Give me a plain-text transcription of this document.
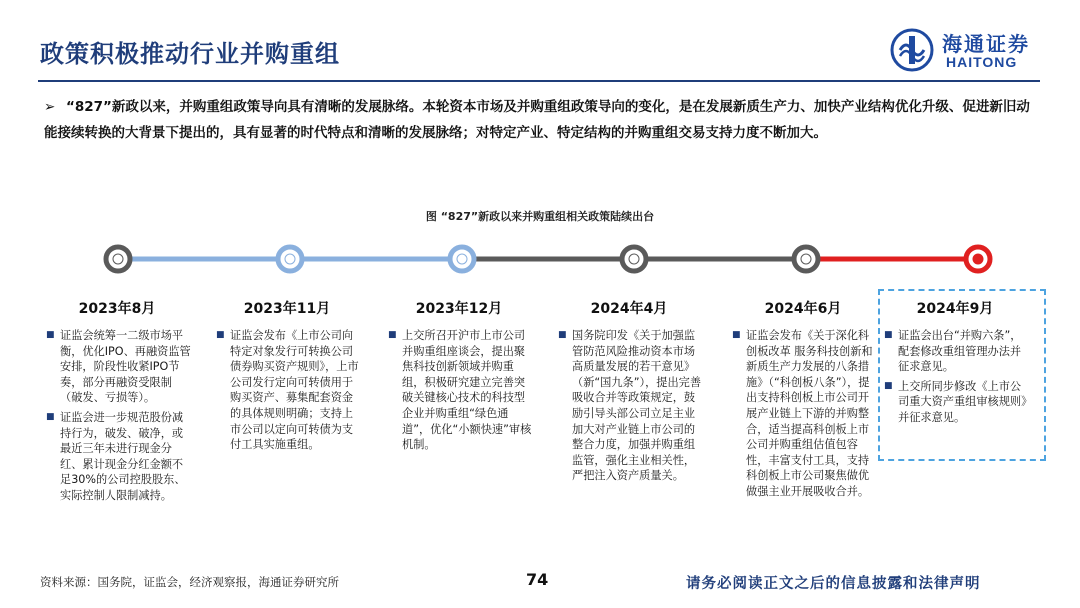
政策积极推动行业并购重组	海通证券
HAITONG
➢ “827”新政以来，并购重组政策导向具有清晰的发展脉络。本轮资本市场及并购重组政策导向的变化，是在发展新质生产力、加快产业结构优化升级、促进新旧动能接续转换的大背景下提出的，具有显著的时代特点和清晰的发展脉络；对特定产业、特定结构的并购重组交易支持力度不断加大。
图 “827”新政以来并购重组相关政策陆续出台
2023年8月
■ 证监会统筹一二级市场平衡，优化IPO、再融资监管安排，阶段性收紧IPO节奏，部分再融资受限制（破发、亏损等）。
■ 证监会进一步规范股份减持行为，破发、破净，或最近三年未进行现金分红、累计现金分红金额不足30%的公司控股股东、实际控制人限制减持。
2023年11月
■ 证监会发布《上市公司向特定对象发行可转换公司债券购买资产规则》，上市公司发行定向可转债用于购买资产、募集配套资金的具体规则明确；支持上市公司以定向可转债为支付工具实施重组。
2023年12月
■ 上交所召开沪市上市公司并购重组座谈会，提出聚焦科技创新领域并购重组，积极研究建立完善突破关键核心技术的科技型企业并购重组“绿色通道”，优化“小额快速”审核机制。
2024年4月
■ 国务院印发《关于加强监管防范风险推动资本市场高质量发展的若干意见》（新“国九条”），提出完善吸收合并等政策规定，鼓励引导头部公司立足主业加大对产业链上市公司的整合力度，加强并购重组监管，强化主业相关性，严把注入资产质量关。
2024年6月
■ 证监会发布《关于深化科创板改革 服务科技创新和新质生产力发展的八条措施》（“科创板八条”），提出支持科创板上市公司开展产业链上下游的并购整合，适当提高科创板上市公司并购重组估值包容性，丰富支付工具，支持科创板上市公司聚焦做优做强主业开展吸收合并。
2024年9月
■ 证监会出台“并购六条”，配套修改重组管理办法并征求意见。
■ 上交所同步修改《上市公司重大资产重组审核规则》并征求意见。
资料来源：国务院，证监会，经济观察报，海通证券研究所	74	请务必阅读正文之后的信息披露和法律声明
